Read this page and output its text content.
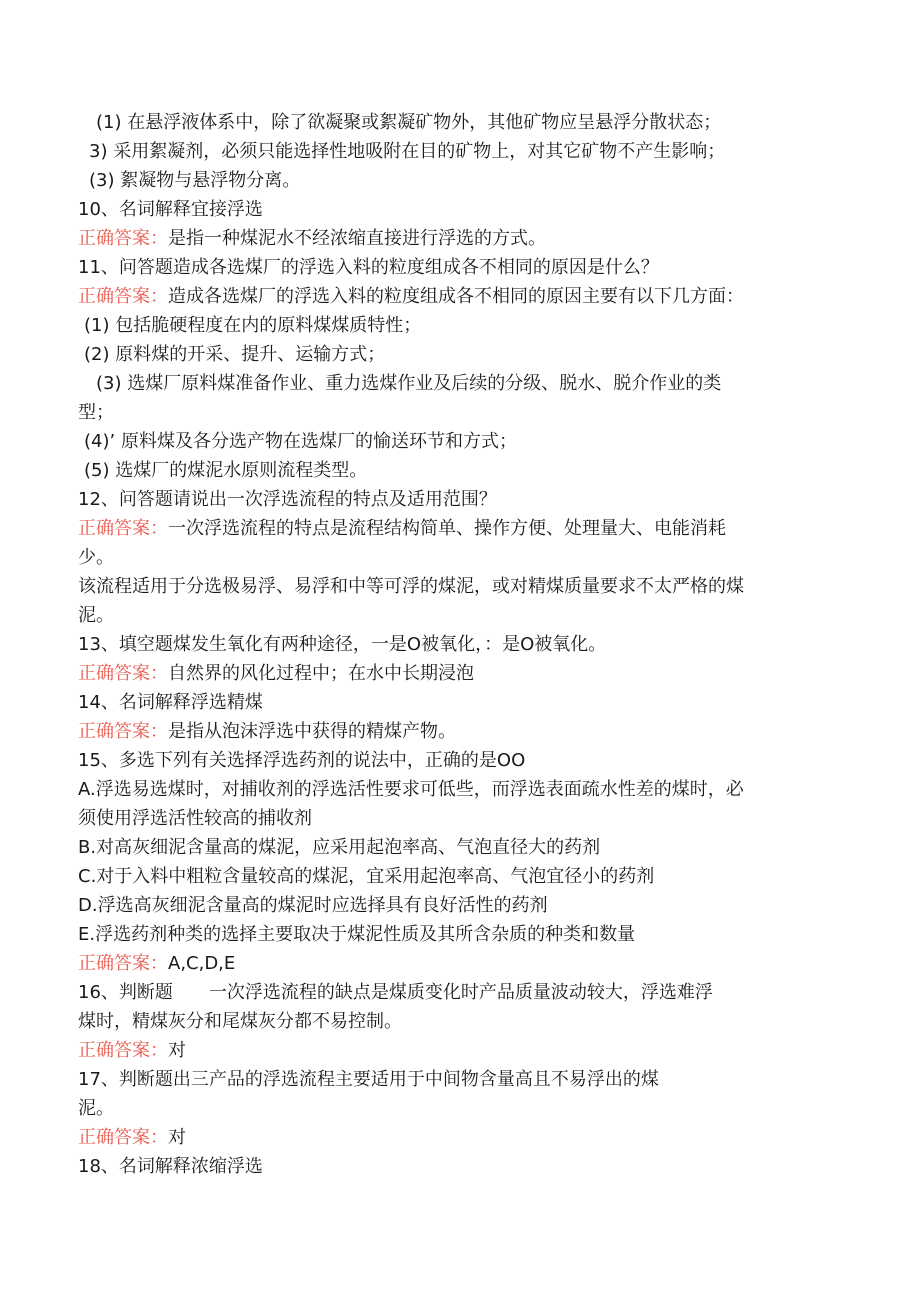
(1) 在悬浮液体系中，除了欲凝聚或絮凝矿物外，其他矿物应呈悬浮分散状态；
3) 采用絮凝剂，必须只能选择性地吸附在目的矿物上，对其它矿物不产生影响；
(3) 絮凝物与悬浮物分离。
10、名词解释宜接浮选
正确答案：是指一种煤泥水不经浓缩直接进行浮选的方式。
11、问答题造成各选煤厂的浮选入料的粒度组成各不相同的原因是什么？
正确答案：造成各选煤厂的浮选入料的粒度组成各不相同的原因主要有以下几方面：
(1) 包括脆硬程度在内的原料煤煤质特性；
(2) 原料煤的开采、提升、运输方式；
(3) 选煤厂原料煤准备作业、重力选煤作业及后续的分级、脱水、脱介作业的类
型；
(4)’ 原料煤及各分选产物在选煤厂的愉送环节和方式；
(5) 选煤厂的煤泥水原则流程类型。
12、问答题请说出一次浮选流程的特点及适用范围？
正确答案：一次浮选流程的特点是流程结构简单、操作方便、处理量大、电能消耗
少。
该流程适用于分选极易浮、易浮和中等可浮的煤泥，或对精煤质量要求不太严格的煤
泥。
13、填空题煤发生氧化有两种途径，一是O被氧化，：是O被氧化。
正确答案：自然界的风化过程中；在水中长期浸泡
14、名词解释浮选精煤
正确答案：是指从泡沫浮选中获得的精煤产物。
15、多选下列有关选择浮选药剂的说法中，正确的是OO
A.浮选易选煤时，对捕收剂的浮选活性要求可低些，而浮选表面疏水性差的煤时，必
须使用浮选活性较高的捕收剂
B.对高灰细泥含量高的煤泥，应采用起泡率高、气泡直径大的药剂
C.对于入料中粗粒含量较高的煤泥，宜采用起泡率高、气泡宜径小的药剂
D.浮选高灰细泥含量高的煤泥时应选择具有良好活性的药剂
E.浮选药剂种类的选择主要取决于煤泥性质及其所含杂质的种类和数量
正确答案：A,C,D,E
16、判断题　　一次浮选流程的缺点是煤质变化时产品质量波动较大，浮选难浮
煤时，精煤灰分和尾煤灰分都不易控制。
正确答案：对
17、判断题出三产品的浮选流程主要适用于中间物含量高且不易浮出的煤
泥。
正确答案：对
18、名词解释浓缩浮选
